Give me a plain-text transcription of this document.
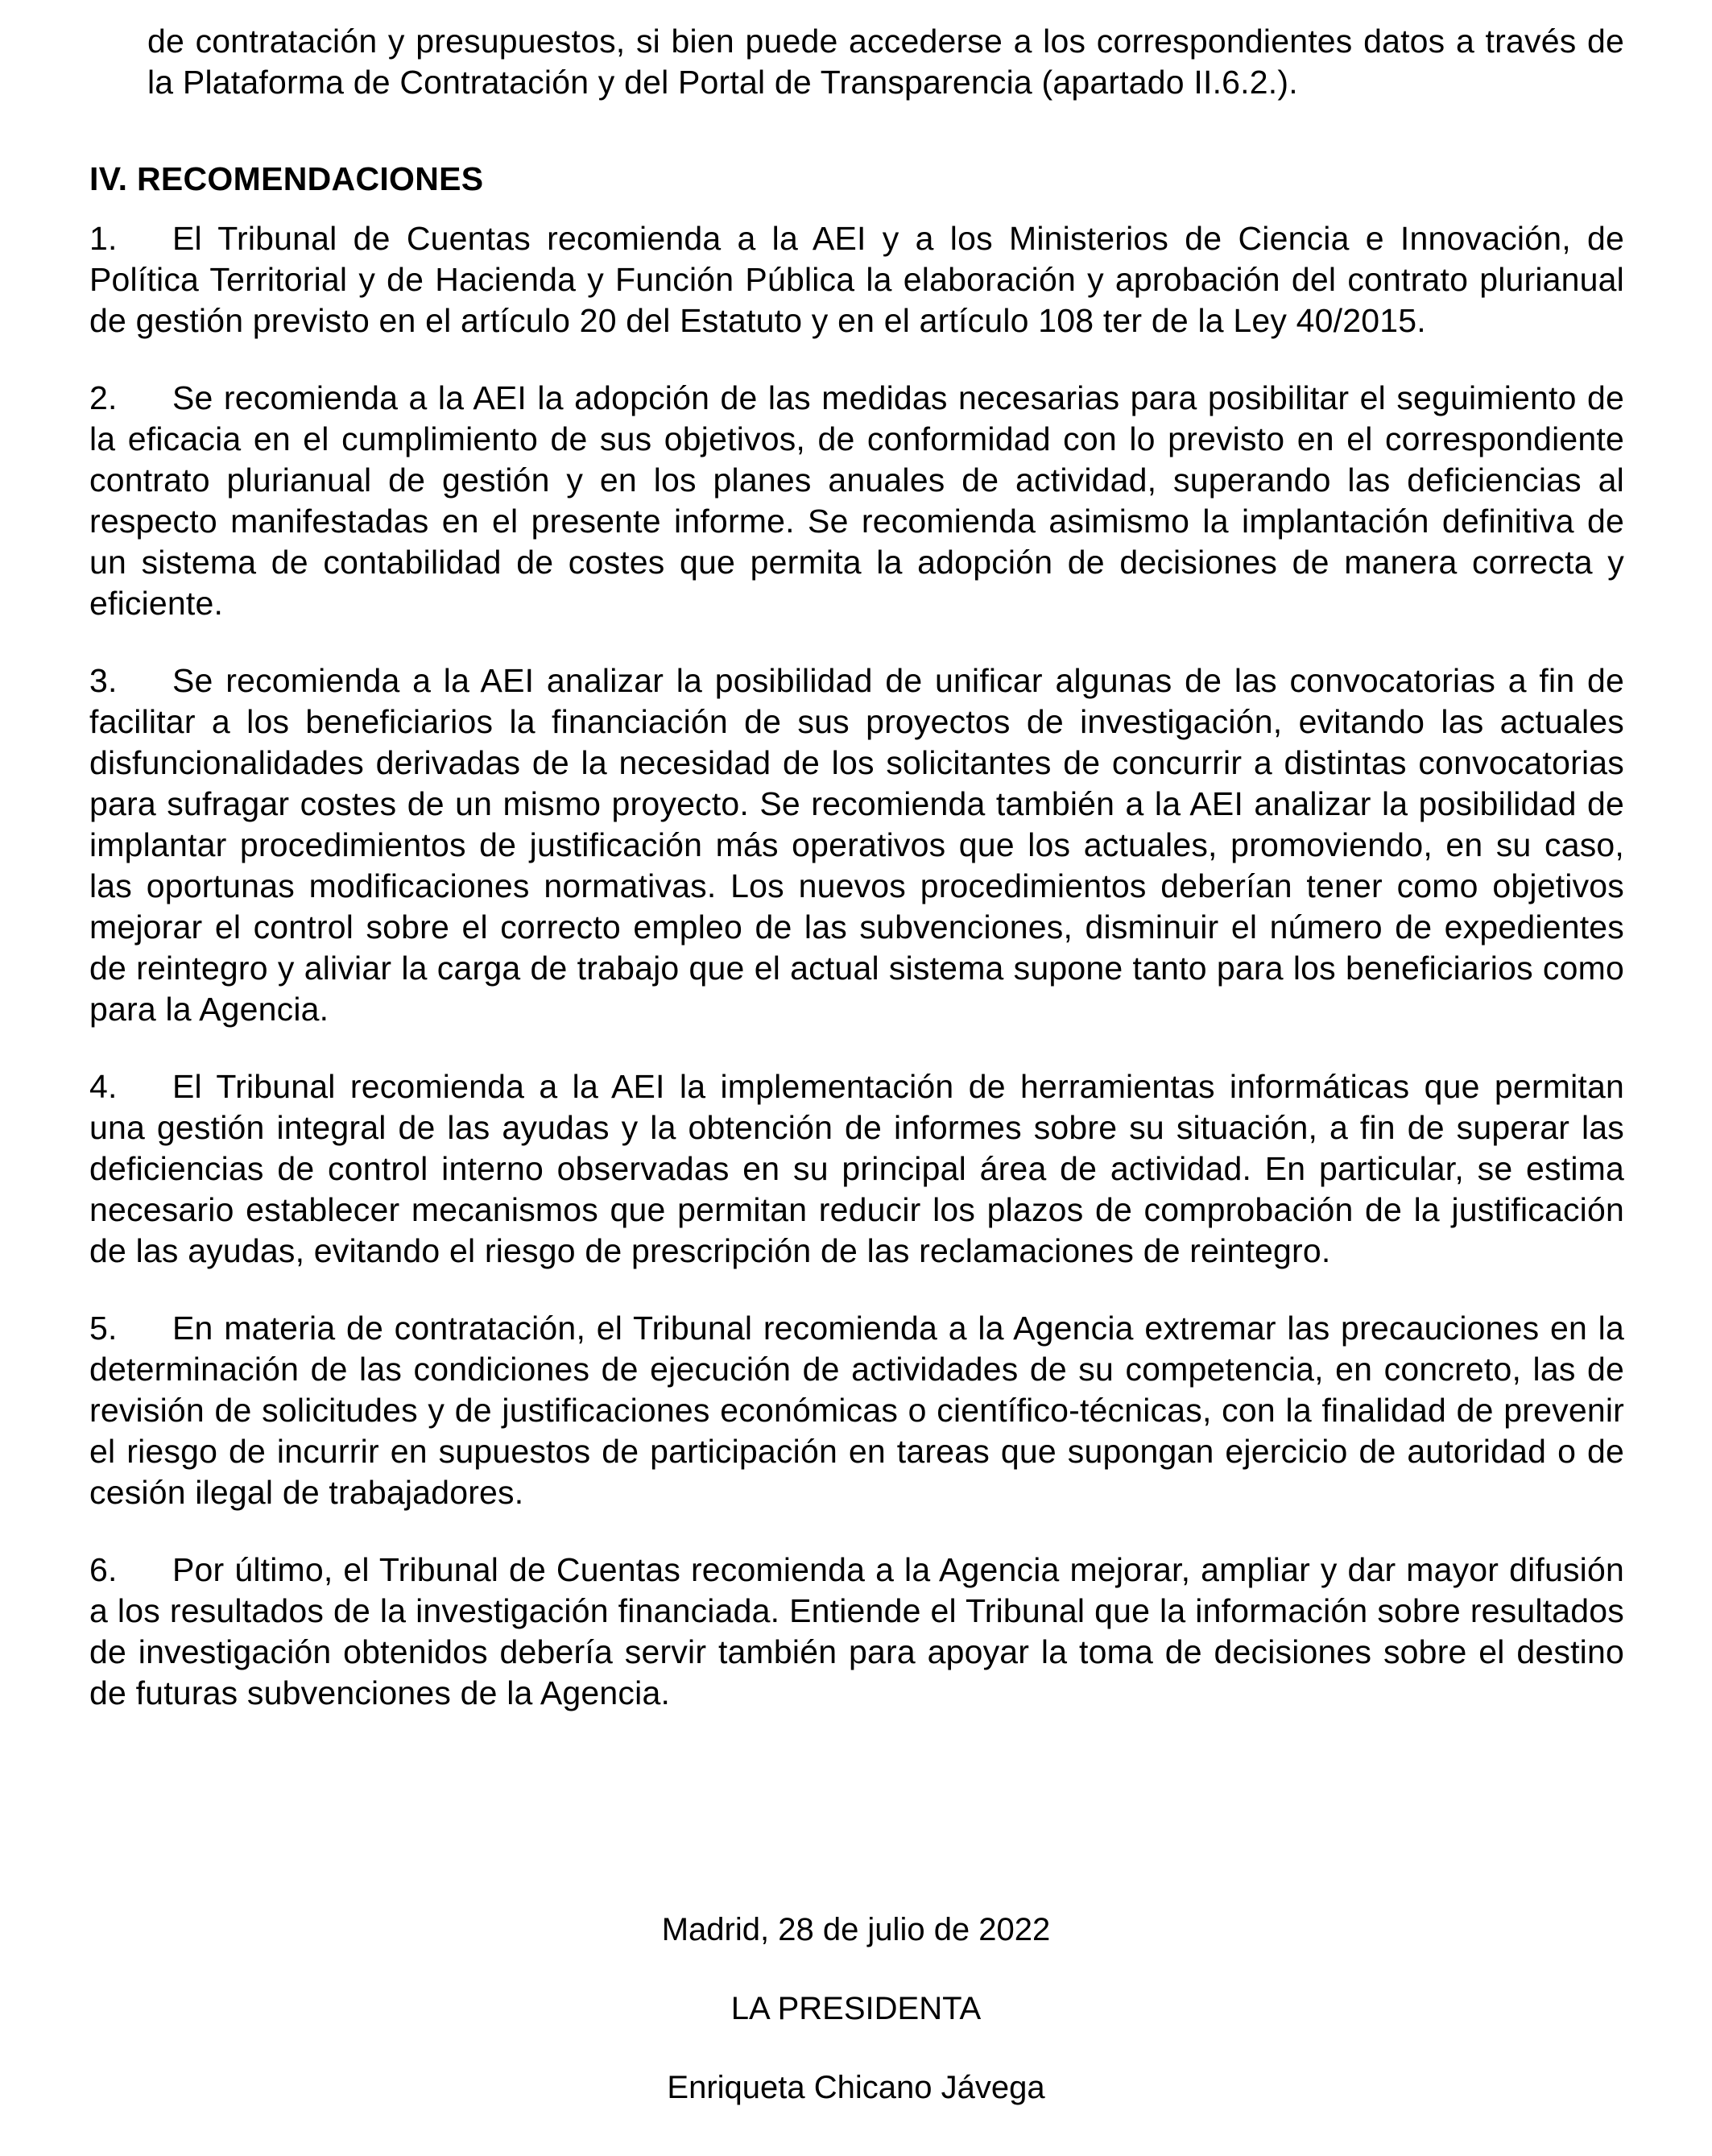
de contratación y presupuestos, si bien puede accederse a los correspondientes datos a través de la Plataforma de Contratación y del Portal de Transparencia (apartado II.6.2.).

IV. RECOMENDACIONES

1. El Tribunal de Cuentas recomienda a la AEI y a los Ministerios de Ciencia e Innovación, de Política Territorial y de Hacienda y Función Pública la elaboración y aprobación del contrato plurianual de gestión previsto en el artículo 20 del Estatuto y en el artículo 108 ter de la Ley 40/2015.

2. Se recomienda a la AEI la adopción de las medidas necesarias para posibilitar el seguimiento de la eficacia en el cumplimiento de sus objetivos, de conformidad con lo previsto en el correspondiente contrato plurianual de gestión y en los planes anuales de actividad, superando las deficiencias al respecto manifestadas en el presente informe. Se recomienda asimismo la implantación definitiva de un sistema de contabilidad de costes que permita la adopción de decisiones de manera correcta y eficiente.

3. Se recomienda a la AEI analizar la posibilidad de unificar algunas de las convocatorias a fin de facilitar a los beneficiarios la financiación de sus proyectos de investigación, evitando las actuales disfuncionalidades derivadas de la necesidad de los solicitantes de concurrir a distintas convocatorias para sufragar costes de un mismo proyecto. Se recomienda también a la AEI analizar la posibilidad de implantar procedimientos de justificación más operativos que los actuales, promoviendo, en su caso, las oportunas modificaciones normativas. Los nuevos procedimientos deberían tener como objetivos mejorar el control sobre el correcto empleo de las subvenciones, disminuir el número de expedientes de reintegro y aliviar la carga de trabajo que el actual sistema supone tanto para los beneficiarios como para la Agencia.

4. El Tribunal recomienda a la AEI la implementación de herramientas informáticas que permitan una gestión integral de las ayudas y la obtención de informes sobre su situación, a fin de superar las deficiencias de control interno observadas en su principal área de actividad. En particular, se estima necesario establecer mecanismos que permitan reducir los plazos de comprobación de la justificación de las ayudas, evitando el riesgo de prescripción de las reclamaciones de reintegro.

5. En materia de contratación, el Tribunal recomienda a la Agencia extremar las precauciones en la determinación de las condiciones de ejecución de actividades de su competencia, en concreto, las de revisión de solicitudes y de justificaciones económicas o científico-técnicas, con la finalidad de prevenir el riesgo de incurrir en supuestos de participación en tareas que supongan ejercicio de autoridad o de cesión ilegal de trabajadores.

6. Por último, el Tribunal de Cuentas recomienda a la Agencia mejorar, ampliar y dar mayor difusión a los resultados de la investigación financiada. Entiende el Tribunal que la información sobre resultados de investigación obtenidos debería servir también para apoyar la toma de decisiones sobre el destino de futuras subvenciones de la Agencia.

Madrid, 28 de julio de 2022
LA PRESIDENTA
Enriqueta Chicano Jávega
